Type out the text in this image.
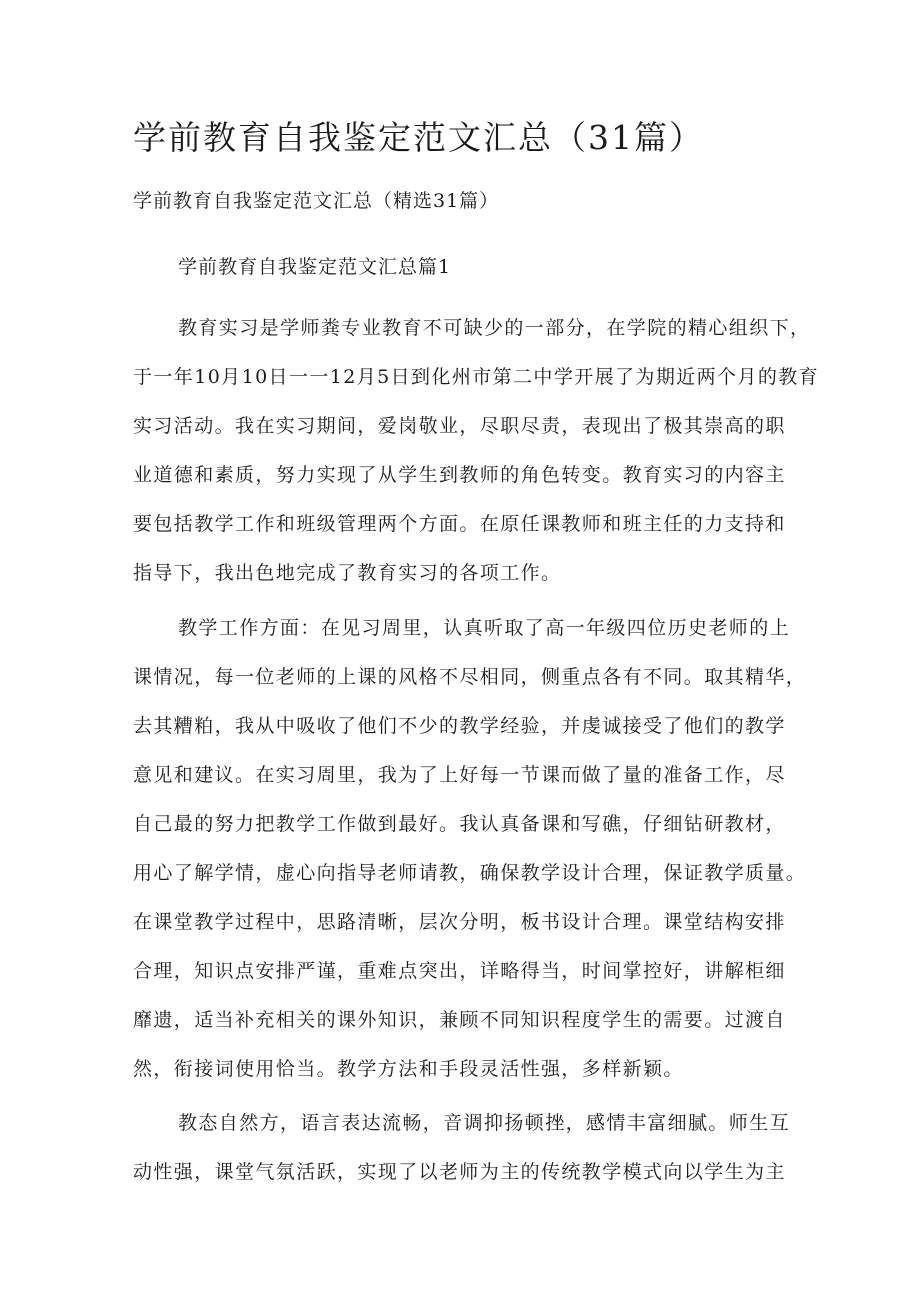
学前教育自我鉴定范文汇总（31篇）

学前教育自我鉴定范文汇总（精选31篇）

学前教育自我鉴定范文汇总篇1

教育实习是学师粪专业教育不可缺少的一部分，在学院的精心组织下，
于一年10月10日一一12月5日到化州市第二中学开展了为期近两个月的教育
实习活动。我在实习期间，爱岗敬业，尽职尽责，表现出了极其崇高的职
业道德和素质，努力实现了从学生到教师的角色转变。教育实习的内容主
要包括教学工作和班级管理两个方面。在原任课教师和班主任的力支持和
指导下，我出色地完成了教育实习的各项工作。
教学工作方面：在见习周里，认真听取了高一年级四位历史老师的上
课情况，每一位老师的上课的风格不尽相同，侧重点各有不同。取其精华，
去其糟粕，我从中吸收了他们不少的教学经验，并虔诚接受了他们的教学
意见和建议。在实习周里，我为了上好每一节课而做了量的准备工作，尽
自己最的努力把教学工作做到最好。我认真备课和写礁，仔细钻研教材，
用心了解学情，虚心向指导老师请教，确保教学设计合理，保证教学质量。
在课堂教学过程中，思路清晰，层次分明，板书设计合理。课堂结构安排
合理，知识点安排严谨，重难点突出，详略得当，时间掌控好，讲解柜细
靡遗，适当补充相关的课外知识，兼顾不同知识程度学生的需要。过渡自
然，衔接词使用恰当。教学方法和手段灵活性强，多样新颖。
教态自然方，语言表达流畅，音调抑扬顿挫，感情丰富细腻。师生互
动性强，课堂气氛活跃，实现了以老师为主的传统教学模式向以学生为主
